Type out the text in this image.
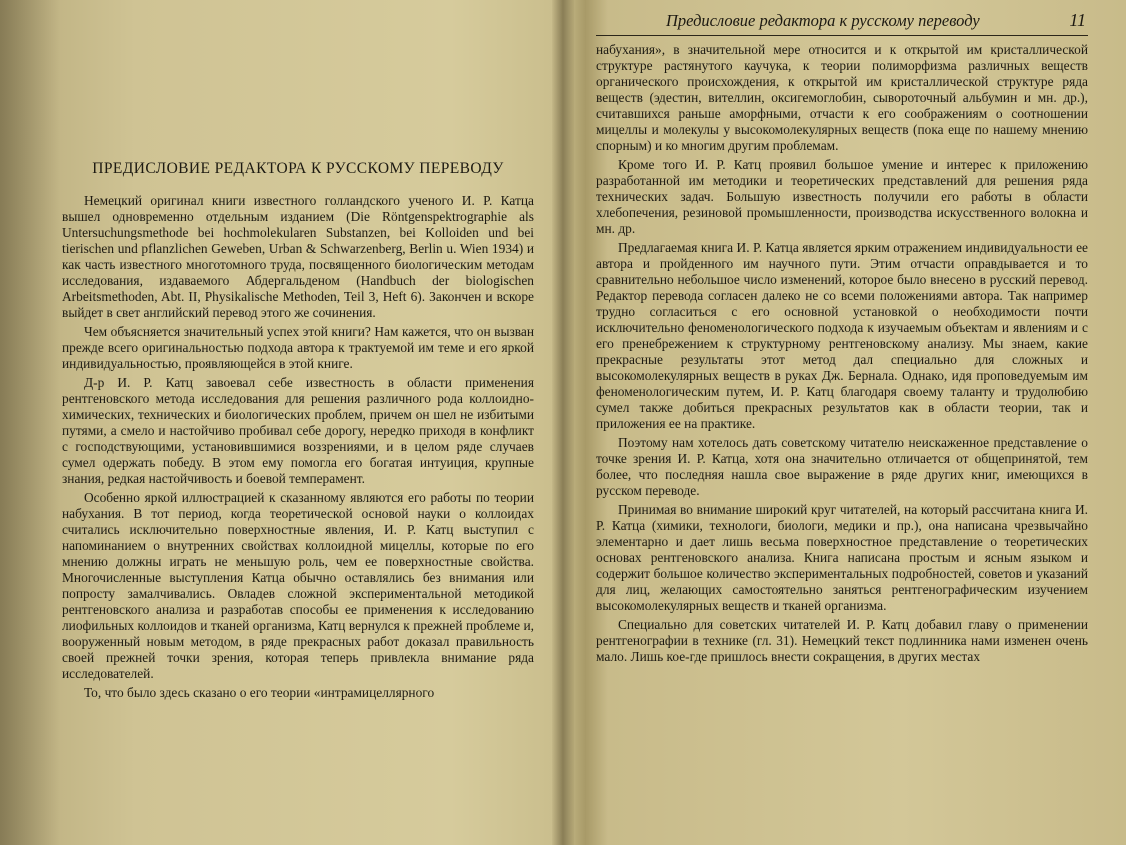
ПРЕДИСЛОВИЕ РЕДАКТОРА К РУССКОМУ ПЕРЕВОДУ

Немецкий оригинал книги известного голландского ученого И. Р. Катца вышел одновременно отдельным изданием (Die Röntgenspektrographie als Untersuchungsmethode bei hochmolekularen Substanzen, bei Kolloiden und bei tierischen und pflanzlichen Geweben, Urban & Schwarzenberg, Berlin u. Wien 1934) и как часть известного многотомного труда, посвященного биологическим методам исследования, издаваемого Абдергальденом (Handbuch der biologischen Arbeitsmethoden, Abt. II, Physikalische Methoden, Teil 3, Heft 6). Закончен и вскоре выйдет в свет английский перевод этого же сочинения.

Чем объясняется значительный успех этой книги? Нам кажется, что он вызван прежде всего оригинальностью подхода автора к трактуемой им теме и его яркой индивидуальностью, проявляющейся в этой книге.

Д-р И. Р. Катц завоевал себе известность в области применения рентгеновского метода исследования для решения различного рода коллоидно-химических, технических и биологических проблем, причем он шел не избитыми путями, а смело и настойчиво пробивал себе дорогу, нередко приходя в конфликт с господствующими, установившимися воззрениями, и в целом ряде случаев сумел одержать победу. В этом ему помогла его богатая интуиция, крупные знания, редкая настойчивость и боевой темперамент.

Особенно яркой иллюстрацией к сказанному являются его работы по теории набухания. В тот период, когда теоретической основой науки о коллоидах считались исключительно поверхностные явления, И. Р. Катц выступил с напоминанием о внутренних свойствах коллоидной мицеллы, которые по его мнению должны играть не меньшую роль, чем ее поверхностные свойства. Многочисленные выступления Катца обычно оставлялись без внимания или попросту замалчивались. Овладев сложной экспериментальной методикой рентгеновского анализа и разработав способы ее применения к исследованию лиофильных коллоидов и тканей организма, Катц вернулся к прежней проблеме и, вооруженный новым методом, в ряде прекрасных работ доказал правильность своей прежней точки зрения, которая теперь привлекла внимание ряда исследователей.

То, что было здесь сказано о его теории «интрамицеллярного

Предисловие редактора к русскому переводу	11

набухания», в значительной мере относится и к открытой им кристаллической структуре растянутого каучука, к теории полиморфизма различных веществ органического происхождения, к открытой им кристаллической структуре ряда веществ (эдестин, вителлин, оксигемоглобин, сывороточный альбумин и мн. др.), считавшихся раньше аморфными, отчасти к его соображениям о соотношении мицеллы и молекулы у высокомолекулярных веществ (пока еще по нашему мнению спорным) и ко многим другим проблемам.

Кроме того И. Р. Катц проявил большое умение и интерес к приложению разработанной им методики и теоретических представлений для решения ряда технических задач. Большую известность получили его работы в области хлебопечения, резиновой промышленности, производства искусственного волокна и мн. др.

Предлагаемая книга И. Р. Катца является ярким отражением индивидуальности ее автора и пройденного им научного пути. Этим отчасти оправдывается и то сравнительно небольшое число изменений, которое было внесено в русский перевод. Редактор перевода согласен далеко не со всеми положениями автора. Так например трудно согласиться с его основной установкой о необходимости почти исключительно феноменологического подхода к изучаемым объектам и явлениям и с его пренебрежением к структурному рентгеновскому анализу. Мы знаем, какие прекрасные результаты этот метод дал специально для сложных и высокомолекулярных веществ в руках Дж. Бернала. Однако, идя проповедуемым им феноменологическим путем, И. Р. Катц благодаря своему таланту и трудолюбию сумел также добиться прекрасных результатов как в области теории, так и приложения ее на практике.

Поэтому нам хотелось дать советскому читателю неискаженное представление о точке зрения И. Р. Катца, хотя она значительно отличается от общепринятой, тем более, что последняя нашла свое выражение в ряде других книг, имеющихся в русском переводе.

Принимая во внимание широкий круг читателей, на который рассчитана книга И. Р. Катца (химики, технологи, биологи, медики и пр.), она написана чрезвычайно элементарно и дает лишь весьма поверхностное представление о теоретических основах рентгеновского анализа. Книга написана простым и ясным языком и содержит большое количество экспериментальных подробностей, советов и указаний для лиц, желающих самостоятельно заняться рентгенографическим изучением высокомолекулярных веществ и тканей организма.

Специально для советских читателей И. Р. Катц добавил главу о применении рентгенографии в технике (гл. 31). Немецкий текст подлинника нами изменен очень мало. Лишь кое-где пришлось внести сокращения, в других местах
